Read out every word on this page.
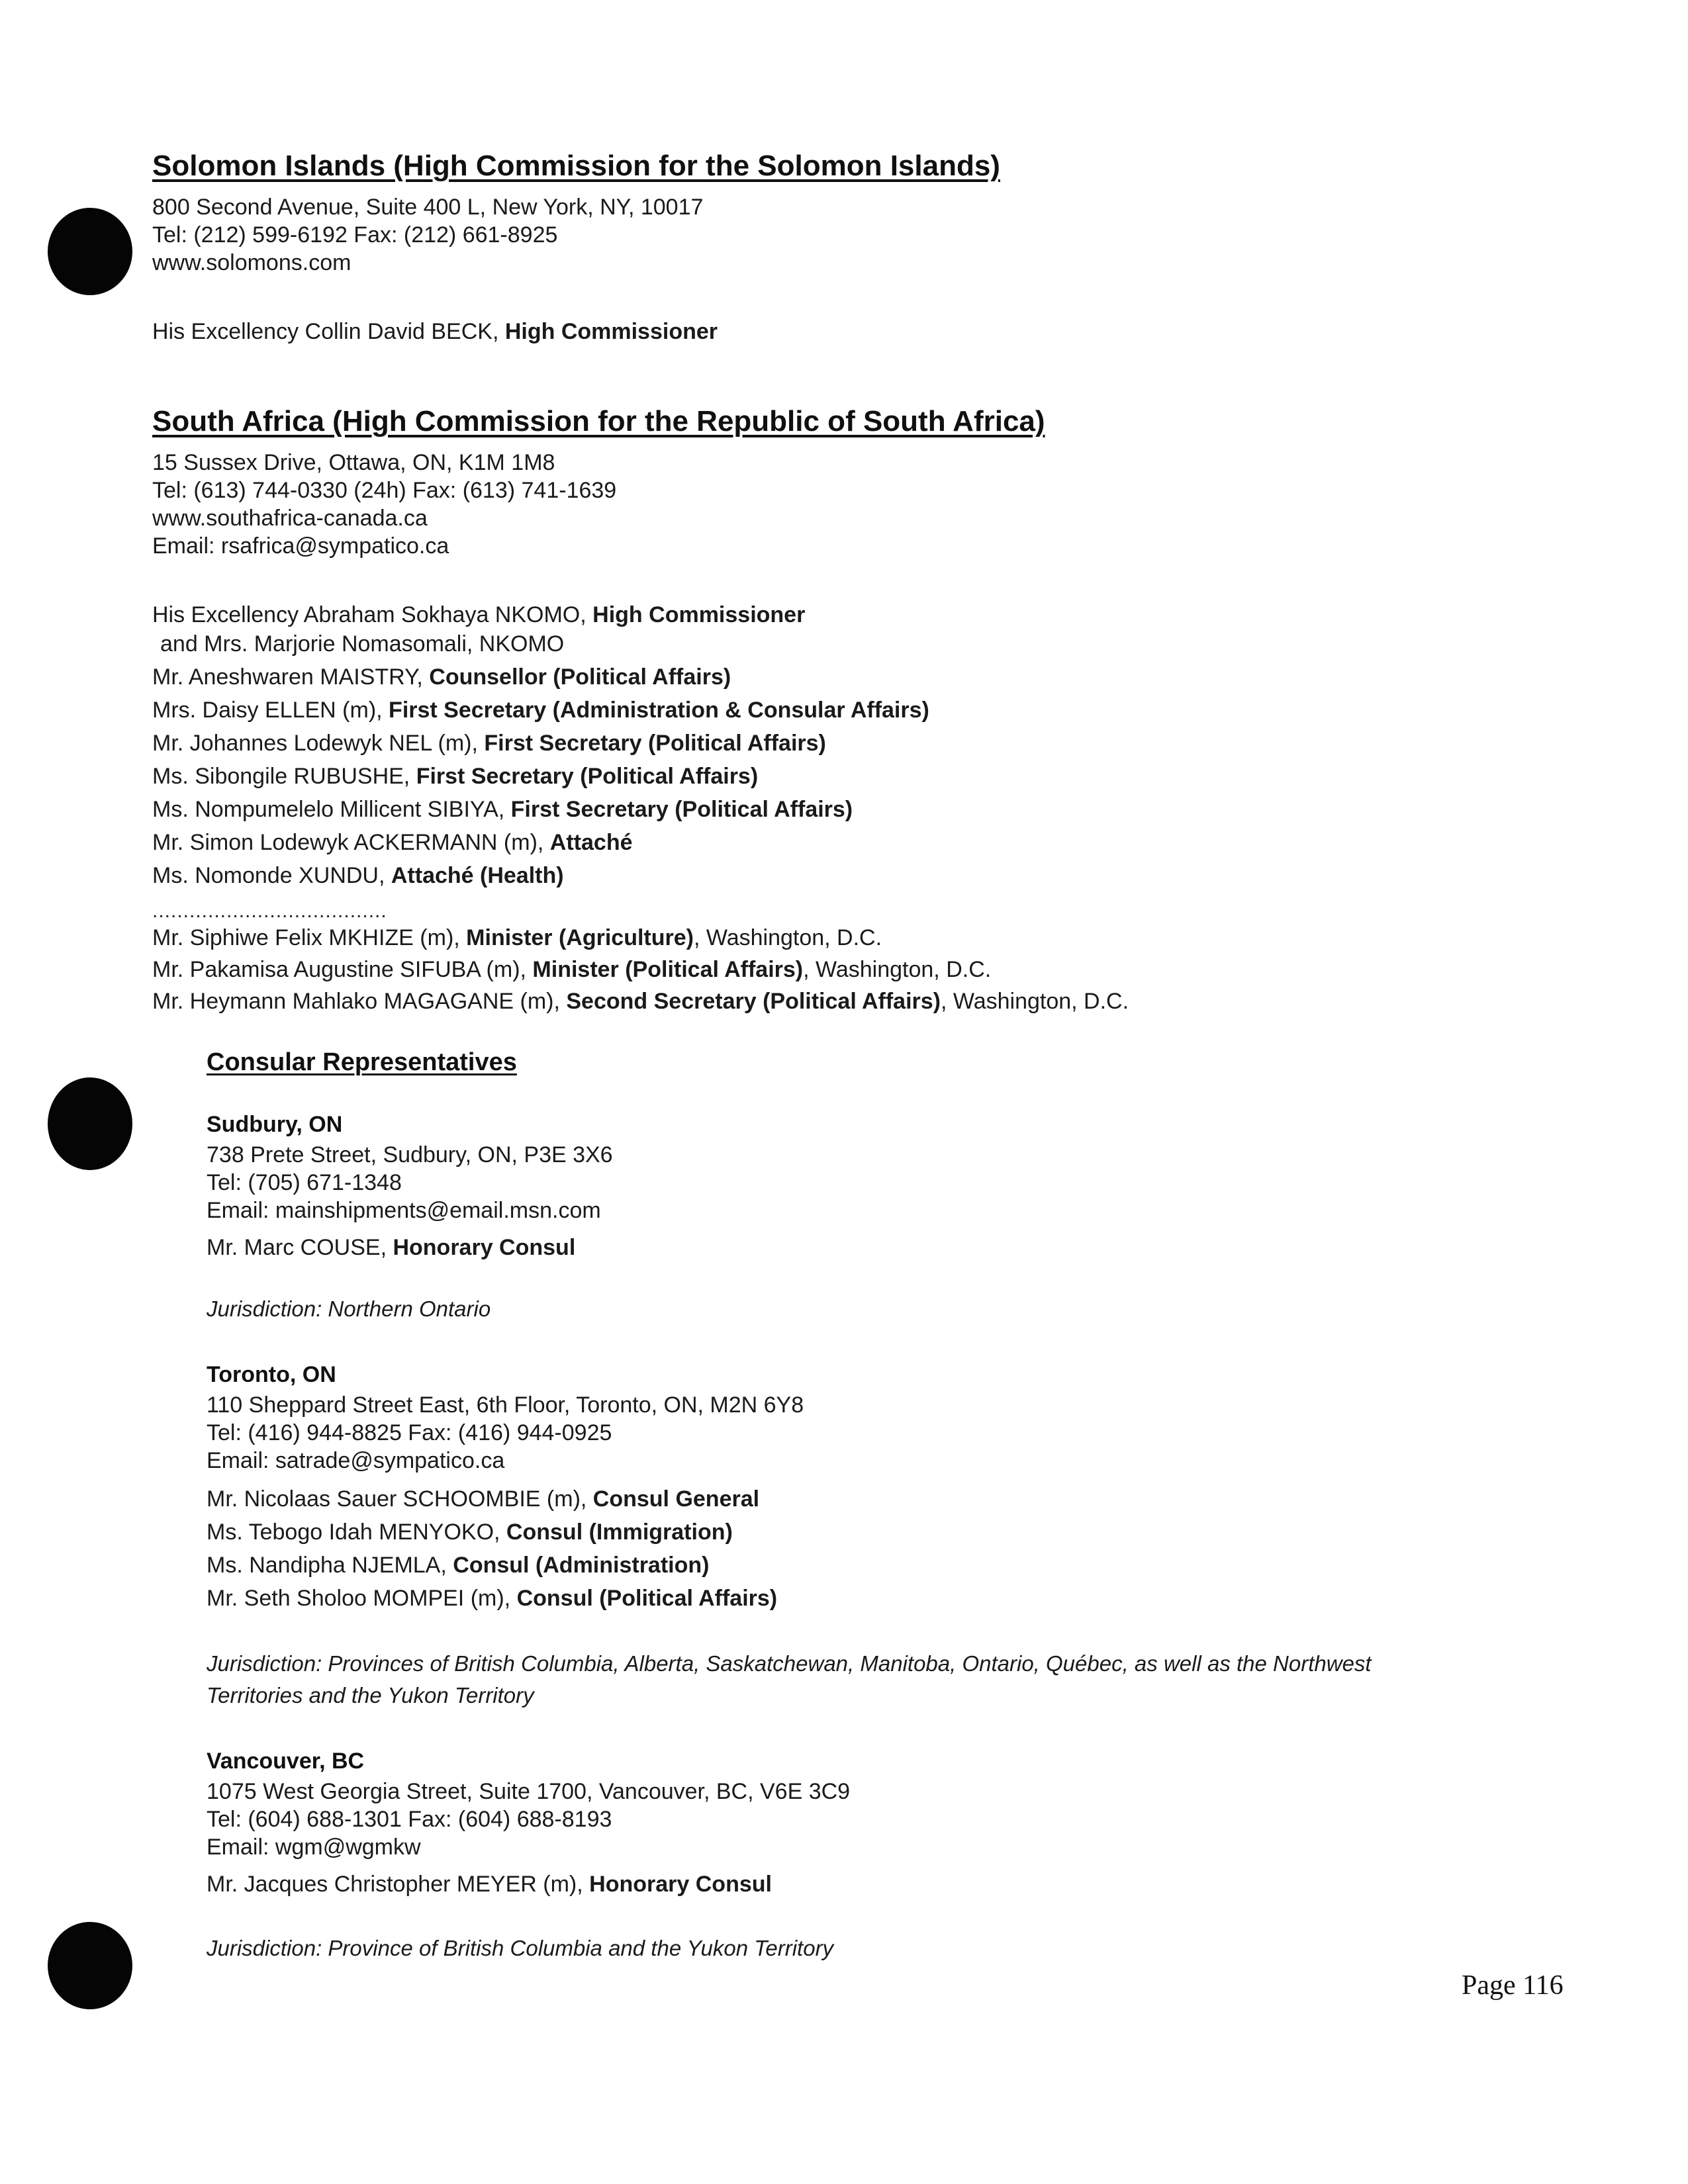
Solomon Islands (High Commission for the Solomon Islands)
800 Second Avenue, Suite 400 L, New York, NY, 10017
Tel: (212) 599-6192 Fax: (212) 661-8925
www.solomons.com
His Excellency Collin David BECK, High Commissioner
South Africa (High Commission for the Republic of South Africa)
15 Sussex Drive, Ottawa, ON, K1M 1M8
Tel: (613) 744-0330 (24h) Fax: (613) 741-1639
www.southafrica-canada.ca
Email: rsafrica@sympatico.ca
His Excellency Abraham Sokhaya NKOMO, High Commissioner
and Mrs. Marjorie Nomasomali, NKOMO
Mr. Aneshwaren MAISTRY, Counsellor (Political Affairs)
Mrs. Daisy ELLEN (m), First Secretary (Administration & Consular Affairs)
Mr. Johannes Lodewyk NEL (m), First Secretary (Political Affairs)
Ms. Sibongile RUBUSHE, First Secretary (Political Affairs)
Ms. Nompumelelo Millicent SIBIYA, First Secretary (Political Affairs)
Mr. Simon Lodewyk ACKERMANN (m), Attaché
Ms. Nomonde XUNDU, Attaché (Health)
......................................
Mr. Siphiwe Felix MKHIZE (m), Minister (Agriculture), Washington, D.C.
Mr. Pakamisa Augustine SIFUBA (m), Minister (Political Affairs), Washington, D.C.
Mr. Heymann Mahlako MAGAGANE (m), Second Secretary (Political Affairs), Washington, D.C.
Consular Representatives
Sudbury, ON
738 Prete Street, Sudbury, ON, P3E 3X6
Tel: (705) 671-1348
Email: mainshipments@email.msn.com
Mr. Marc COUSE, Honorary Consul
Jurisdiction: Northern Ontario
Toronto, ON
110 Sheppard Street East, 6th Floor, Toronto, ON, M2N 6Y8
Tel: (416) 944-8825 Fax: (416) 944-0925
Email: satrade@sympatico.ca
Mr. Nicolaas Sauer SCHOOMBIE (m), Consul General
Ms. Tebogo Idah MENYOKO, Consul (Immigration)
Ms. Nandipha NJEMLA, Consul (Administration)
Mr. Seth Sholoo MOMPEI (m), Consul (Political Affairs)
Jurisdiction: Provinces of British Columbia, Alberta, Saskatchewan, Manitoba, Ontario, Québec, as well as the Northwest
Territories and the Yukon Territory
Vancouver, BC
1075 West Georgia Street, Suite 1700, Vancouver, BC, V6E 3C9
Tel: (604) 688-1301 Fax: (604) 688-8193
Email: wgm@wgmkw
Mr. Jacques Christopher MEYER (m), Honorary Consul
Jurisdiction: Province of British Columbia and the Yukon Territory
Page 116
